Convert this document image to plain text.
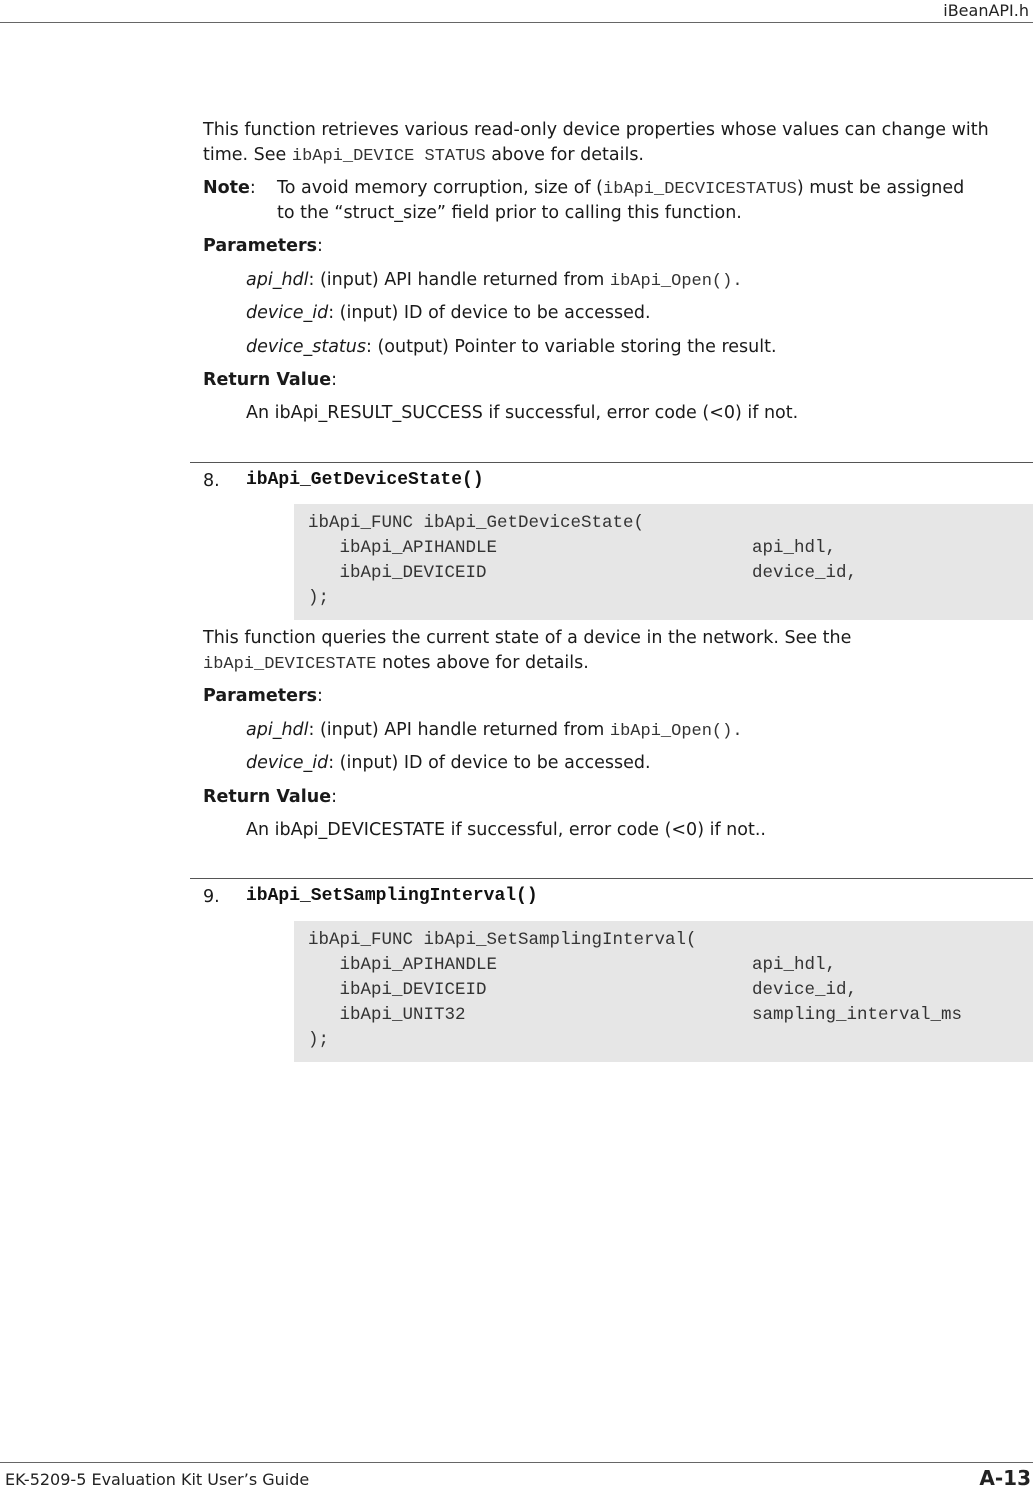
iBeanAPI.h
This function retrieves various read-only device properties whose values can change with
time. See ibApi_DEVICE STATUS above for details.
Note: To avoid memory corruption, size of (ibApi_DECVICESTATUS) must be assigned
to the “struct_size” field prior to calling this function.
Parameters:
api_hdl: (input) API handle returned from ibApi_Open().
device_id: (input) ID of device to be accessed.
device_status: (output) Pointer to variable storing the result.
Return Value:
An ibApi_RESULT_SUCCESS if successful, error code (<0) if not.
8. ibApi_GetDeviceState()
ibApi_FUNC ibApi_GetDeviceState(
ibApi_APIHANDLE	api_hdl,
ibApi_DEVICEID	device_id,
);
This function queries the current state of a device in the network. See the
ibApi_DEVICESTATE notes above for details.
Parameters:
api_hdl: (input) API handle returned from ibApi_Open().
device_id: (input) ID of device to be accessed.
Return Value:
An ibApi_DEVICESTATE if successful, error code (<0) if not..
9. ibApi_SetSamplingInterval()
ibApi_FUNC ibApi_SetSamplingInterval(
ibApi_APIHANDLE	api_hdl,
ibApi_DEVICEID	device_id,
ibApi_UNIT32	sampling_interval_ms
);
EK-5209-5 Evaluation Kit User’s Guide	A-13
